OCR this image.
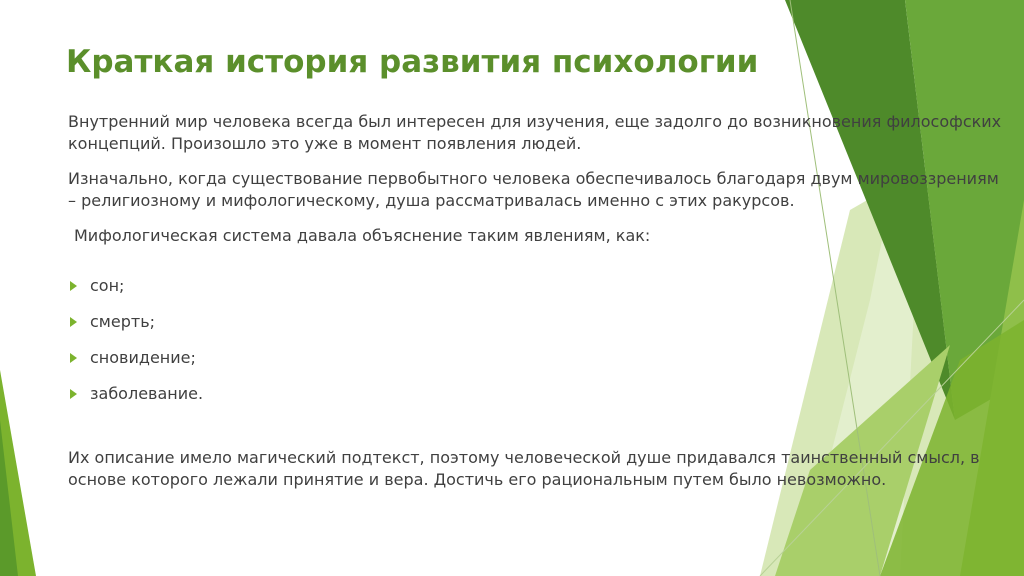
Краткая история развития психологии

Внутренний мир человека всегда был интересен для изучения, еще задолго до возникновения философских концепций. Произошло это уже в момент появления людей.

Изначально, когда существование первобытного человека обеспечивалось благодаря двум мировоззрениям – религиозному и мифологическому, душа рассматривалась именно с этих ракурсов.

Мифологическая система давала объяснение таким явлениям, как:

сон;
смерть;
сновидение;
заболевание.

Их описание имело магический подтекст, поэтому человеческой душе придавался таинственный смысл, в основе которого лежали принятие и вера. Достичь его рациональным путем было невозможно.
